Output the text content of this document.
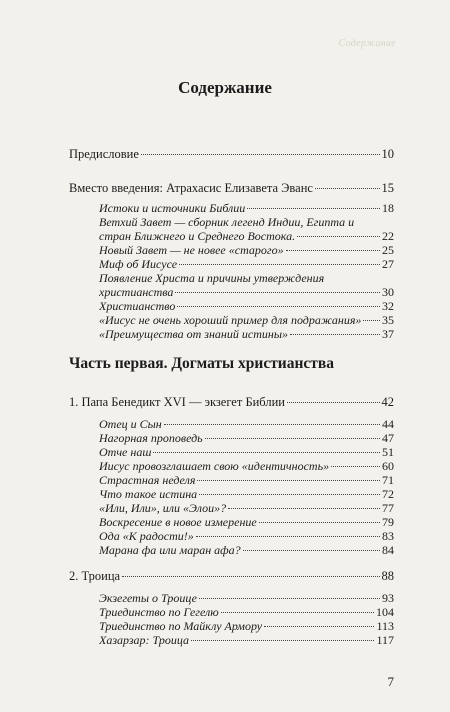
Содержание
Содержание
Предисловие	10
Вместо введения: Атрахасис Елизавета Эванс	15
Истоки и источники Библии	18
Ветхий Завет — сборник легенд Индии, Египта и
стран Ближнего и Среднего Востока.	22
Новый Завет — не новее «старого»	25
Миф об Иисусе	27
Появление Христа и причины утверждения
христианства	30
Христианство	32
«Иисус не очень хороший пример для подражания» 35
«Преимущества от знаний истины»	37
Часть первая. Догматы христианства
1. Папа Бенедикт XVI — экзегет Библии	42
Отец и Сын	44
Нагорная проповедь	47
Отче наш	51
Иисус провозглашает свою «идентичность»	60
Страстная неделя	71
Что такое истина	72
«Или, Или», или «Элои»?	77
Воскресение в новое измерение	79
Ода «К радости!»	83
Марана фа или маран афа?	84
2. Троица	88
Экзегеты о Троице	93
Триединство по Гегелю	104
Триединство по Майклу Армору	113
Хазарзар: Троица	117
7
